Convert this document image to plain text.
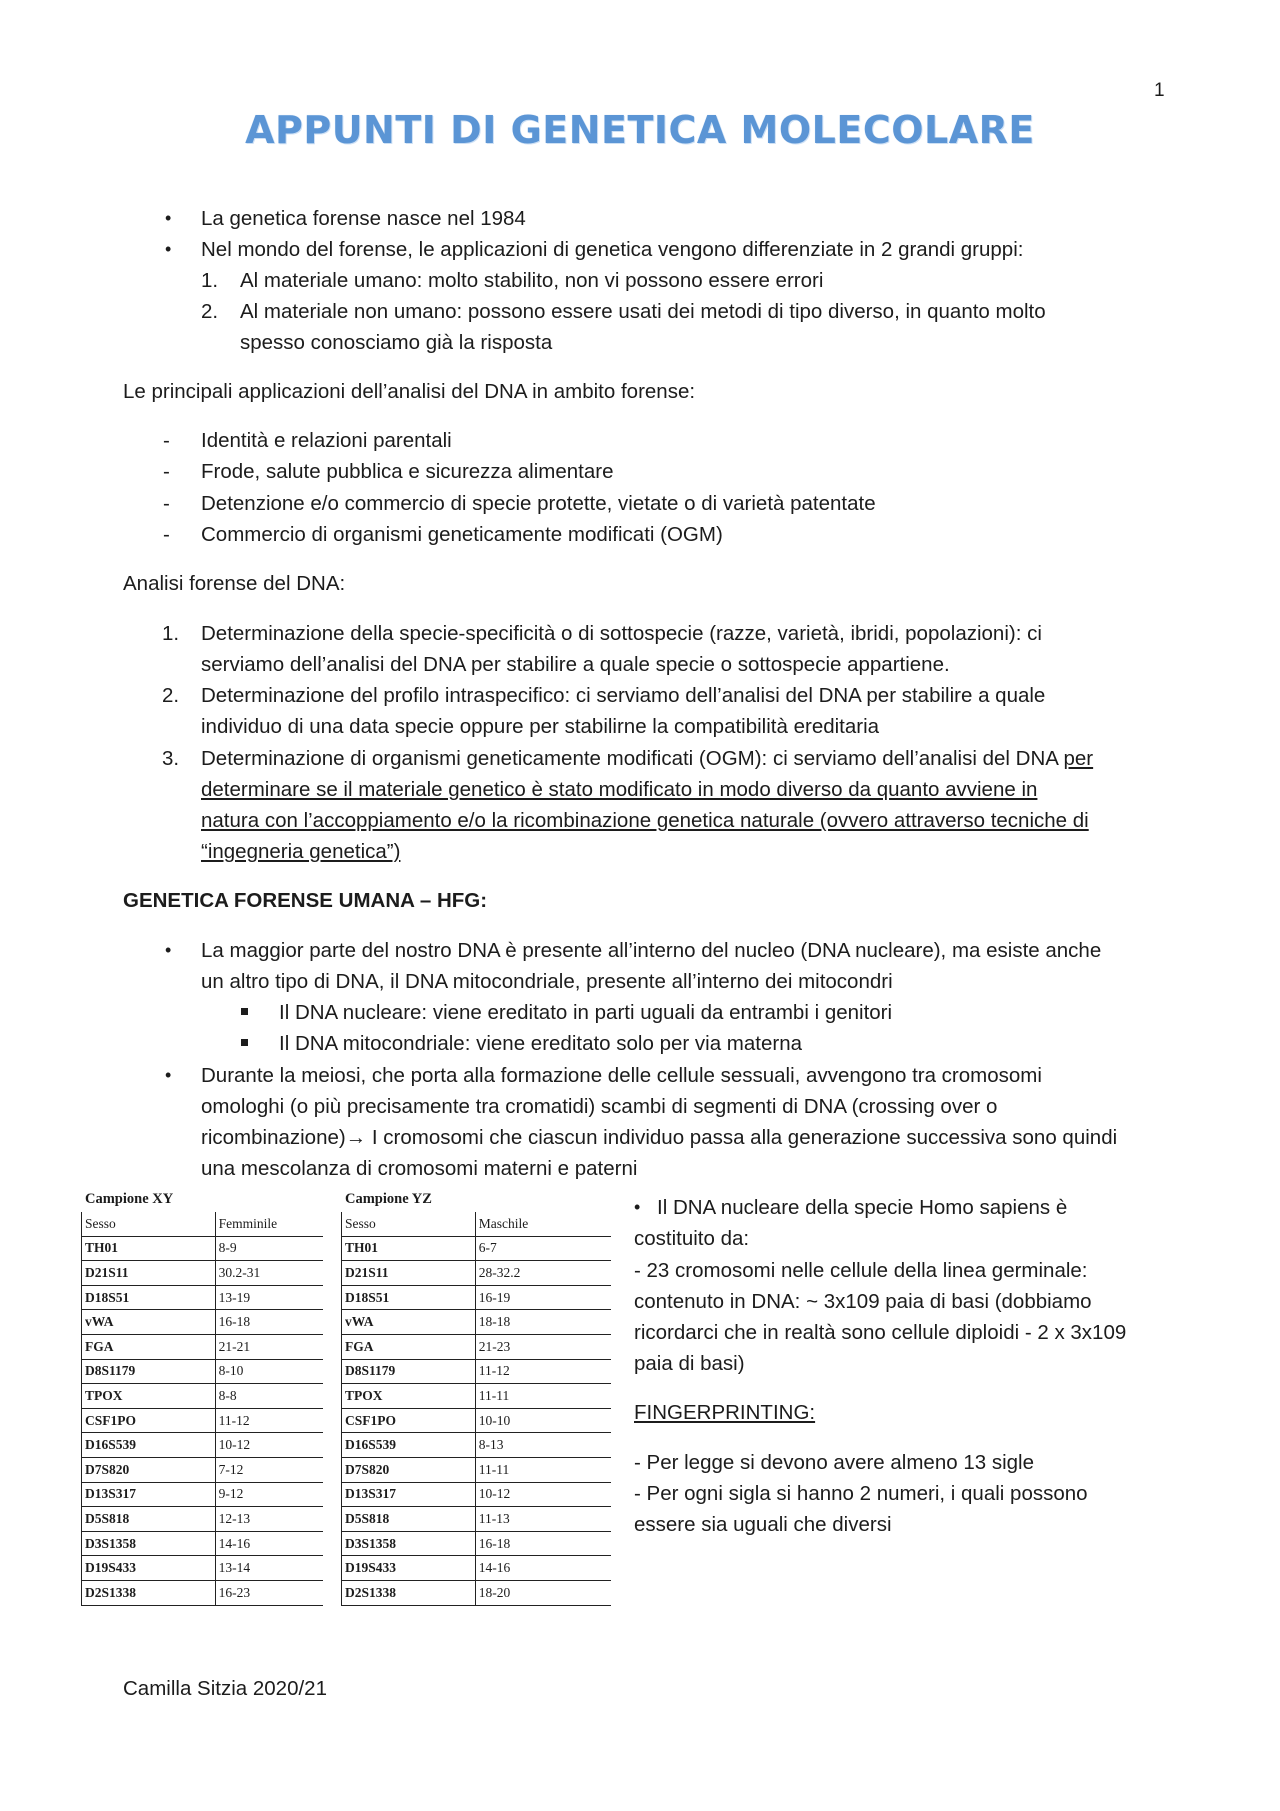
1
APPUNTI DI GENETICA MOLECOLARE
• La genetica forense nasce nel 1984
• Nel mondo del forense, le applicazioni di genetica vengono differenziate in 2 grandi gruppi:
1. Al materiale umano: molto stabilito, non vi possono essere errori
2. Al materiale non umano: possono essere usati dei metodi di tipo diverso, in quanto molto
spesso conosciamo già la risposta
Le principali applicazioni dell’analisi del DNA in ambito forense:
- Identità e relazioni parentali
- Frode, salute pubblica e sicurezza alimentare
- Detenzione e/o commercio di specie protette, vietate o di varietà patentate
- Commercio di organismi geneticamente modificati (OGM)
Analisi forense del DNA:
1. Determinazione della specie-specificità o di sottospecie (razze, varietà, ibridi, popolazioni): ci
serviamo dell’analisi del DNA per stabilire a quale specie o sottospecie appartiene.
2. Determinazione del profilo intraspecifico: ci serviamo dell’analisi del DNA per stabilire a quale
individuo di una data specie oppure per stabilirne la compatibilità ereditaria
3. Determinazione di organismi geneticamente modificati (OGM): ci serviamo dell’analisi del DNA per
determinare se il materiale genetico è stato modificato in modo diverso da quanto avviene in
natura con l’accoppiamento e/o la ricombinazione genetica naturale (ovvero attraverso tecniche di
“ingegneria genetica”)
GENETICA FORENSE UMANA – HFG:
• La maggior parte del nostro DNA è presente all’interno del nucleo (DNA nucleare), ma esiste anche
un altro tipo di DNA, il DNA mitocondriale, presente all’interno dei mitocondri
Il DNA nucleare: viene ereditato in parti uguali da entrambi i genitori
Il DNA mitocondriale: viene ereditato solo per via materna
• Durante la meiosi, che porta alla formazione delle cellule sessuali, avvengono tra cromosomi
omologhi (o più precisamente tra cromatidi) scambi di segmenti di DNA (crossing over o
ricombinazione)→ I cromosomi che ciascun individuo passa alla generazione successiva sono quindi
una mescolanza di cromosomi materni e paterni
Campione XY
Sesso	Femminile
TH01	8-9
D21S11	30.2-31
D18S51	13-19
vWA	16-18
FGA	21-21
D8S1179	8-10
TPOX	8-8
CSF1PO	11-12
D16S539	10-12
D7S820	7-12
D13S317	9-12
D5S818	12-13
D3S1358	14-16
D19S433	13-14
D2S1338	16-23
Campione YZ
Sesso	Maschile
TH01	6-7
D21S11	28-32.2
D18S51	16-19
vWA	18-18
FGA	21-23
D8S1179	11-12
TPOX	11-11
CSF1PO	10-10
D16S539	8-13
D7S820	11-11
D13S317	10-12
D5S818	11-13
D3S1358	16-18
D19S433	14-16
D2S1338	18-20
• Il DNA nucleare della specie Homo sapiens è
costituito da:
- 23 cromosomi nelle cellule della linea germinale:
contenuto in DNA: ~ 3x109 paia di basi (dobbiamo
ricordarci che in realtà sono cellule diploidi - 2 x 3x109
paia di basi)
FINGERPRINTING:
- Per legge si devono avere almeno 13 sigle
- Per ogni sigla si hanno 2 numeri, i quali possono
essere sia uguali che diversi
Camilla Sitzia 2020/21
